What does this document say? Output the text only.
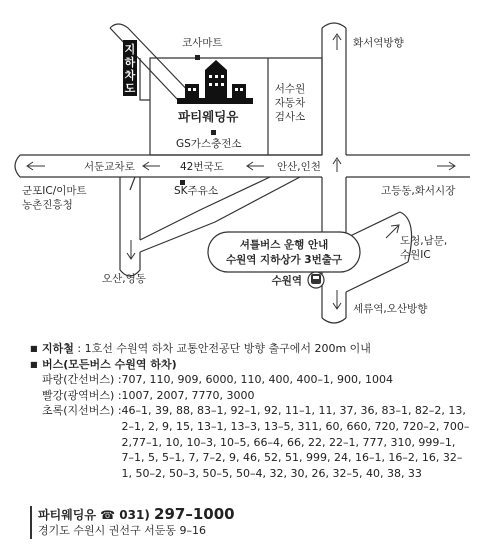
지
하
차
도
코사마트
파티웨딩유
GS가스충전소
서수원
자동차
검사소
화서역방향
서둔교차로	42번국도	안산,인천
SK주유소
군포IC/이마트
농촌진흥청
고등동,화서시장
도청,남문,
수원IC
오산,영동
세류역,오산방향
셔틀버스 운행 안내
수원역 지하상가 3번출구
수원역
■ 지하철 : 1호선 수원역 하차 교통안전공단 방향 출구에서 200m 이내
■ 버스(모든버스 수원역 하차)
파랑(간선버스) : 707, 110, 909, 6000, 110, 400, 400–1, 900, 1004
빨강(광역버스) : 1007, 2007, 7770, 3000
초록(지선버스) : 46–1, 39, 88, 83–1, 92–1, 92, 11–1, 11, 37, 36, 83–1, 82–2, 13, 2–1, 2, 9, 15, 13–1, 13–3, 13–5, 311, 60, 660, 720, 720–2, 700–2,77–1, 10, 10–3, 10–5, 66–4, 66, 22, 22–1, 777, 310, 999–1, 7–1, 5, 5–1, 7, 7–2, 9, 46, 52, 51, 999, 24, 16–1, 16–2, 16, 32–1, 50–2, 50–3, 50–5, 50–4, 32, 30, 26, 32–5, 40, 38, 33
파티웨딩유 ☎ 031) 297–1000
경기도 수원시 권선구 서둔동 9–16
